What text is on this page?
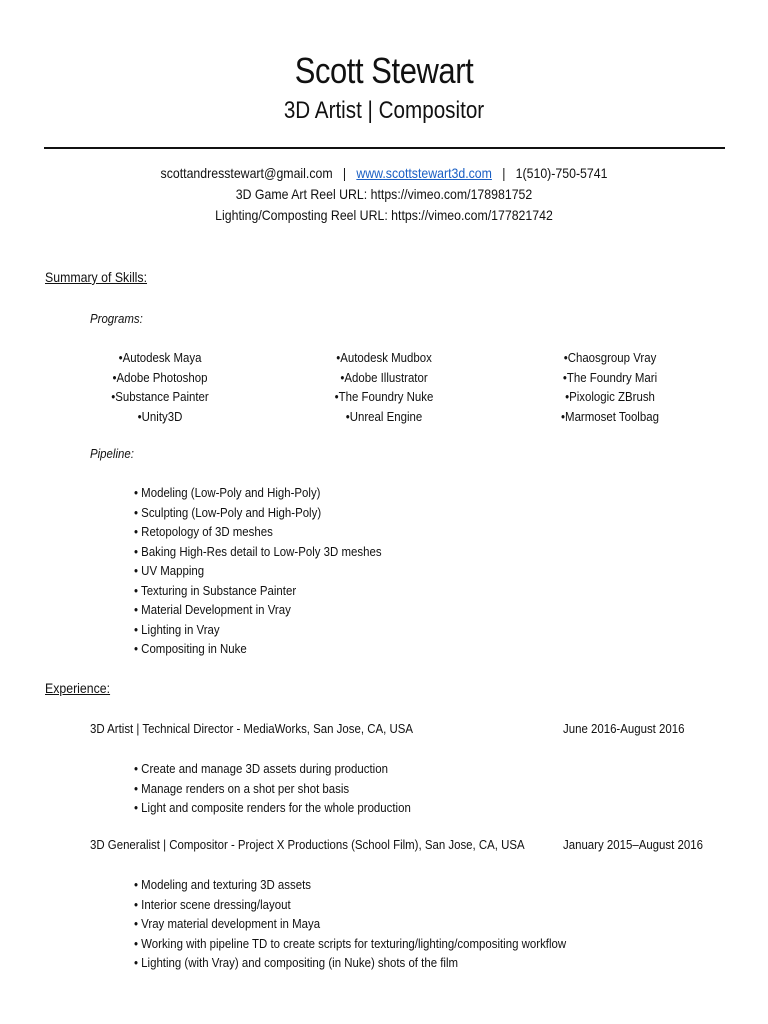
Scott Stewart
3D Artist | Compositor
scottandresstewart@gmail.com | www.scottstewart3d.com | 1(510)-750-5741
3D Game Art Reel URL: https://vimeo.com/178981752
Lighting/Composting Reel URL: https://vimeo.com/177821742
Summary of Skills:
Programs:
•Autodesk Maya
•Adobe Photoshop
•Substance Painter
•Unity3D
•Autodesk Mudbox
•Adobe Illustrator
•The Foundry Nuke
•Unreal Engine
•Chaosgroup Vray
•The Foundry Mari
•Pixologic ZBrush
•Marmoset Toolbag
Pipeline:
• Modeling (Low-Poly and High-Poly)
• Sculpting (Low-Poly and High-Poly)
• Retopology of 3D meshes
• Baking High-Res detail to Low-Poly 3D meshes
• UV Mapping
• Texturing in Substance Painter
• Material Development in Vray
• Lighting in Vray
• Compositing in Nuke
Experience:
3D Artist | Technical Director - MediaWorks, San Jose, CA, USA	June 2016-August 2016
• Create and manage 3D assets during production
• Manage renders on a shot per shot basis
• Light and composite renders for the whole production
3D Generalist | Compositor - Project X Productions (School Film), San Jose, CA, USA	January 2015–August 2016
• Modeling and texturing 3D assets
• Interior scene dressing/layout
• Vray material development in Maya
• Working with pipeline TD to create scripts for texturing/lighting/compositing workflow
• Lighting (with Vray) and compositing (in Nuke) shots of the film
